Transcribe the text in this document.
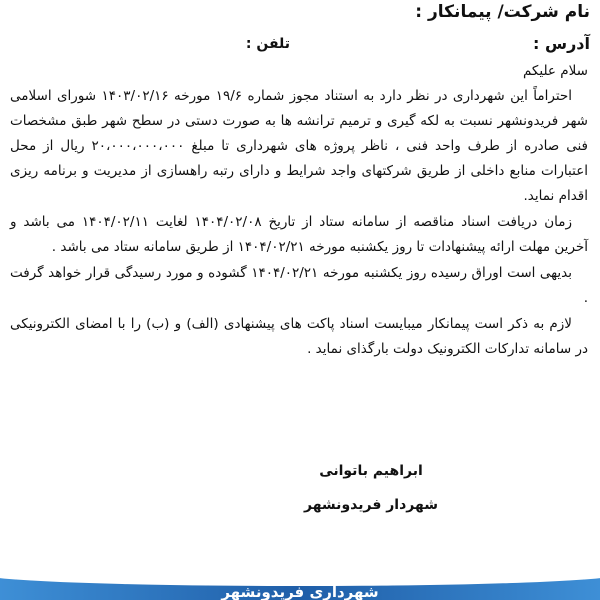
نام شرکت/ پیمانکار :
آدرس :
تلفن :
سلام علیکم

احتراماً این شهرداری در نظر دارد به استناد مجوز شماره ۱۹/۶ مورخه ۱۴۰۳/۰۲/۱۶ شورای اسلامی شهر فریدونشهر نسبت به لکه گیری و ترمیم ترانشه ها به صورت دستی در سطح شهر طبق مشخصات فنی صادره از طرف واحد فنی ، ناظر پروژه های شهرداری تا مبلغ ۲۰،۰۰۰،۰۰۰،۰۰۰ ریال از محل اعتبارات منابع داخلی از طریق شرکتهای واجد شرایط و دارای رتبه راهسازی از مدیریت و برنامه ریزی اقدام نماید.

زمان دریافت اسناد مناقصه از سامانه ستاد از تاریخ ۱۴۰۴/۰۲/۰۸ لغایت ۱۴۰۴/۰۲/۱۱ می باشد و آخرین مهلت ارائه پیشنهادات تا روز یکشنبه مورخه ۱۴۰۴/۰۲/۲۱ از طریق سامانه ستاد می باشد .

بدیهی است اوراق رسیده روز یکشنبه مورخه ۱۴۰۴/۰۲/۲۱ گشوده و مورد رسیدگی قرار خواهد گرفت .

لازم به ذکر است پیمانکار میبایست اسناد پاکت های پیشنهادی (الف) و (ب) را با امضای الکترونیکی در سامانه تدارکات الکترونیک دولت بارگذای نماید .

ابراهیم باتوانی
شهردار فریدونشهر
شهرداری فریدونشهر
